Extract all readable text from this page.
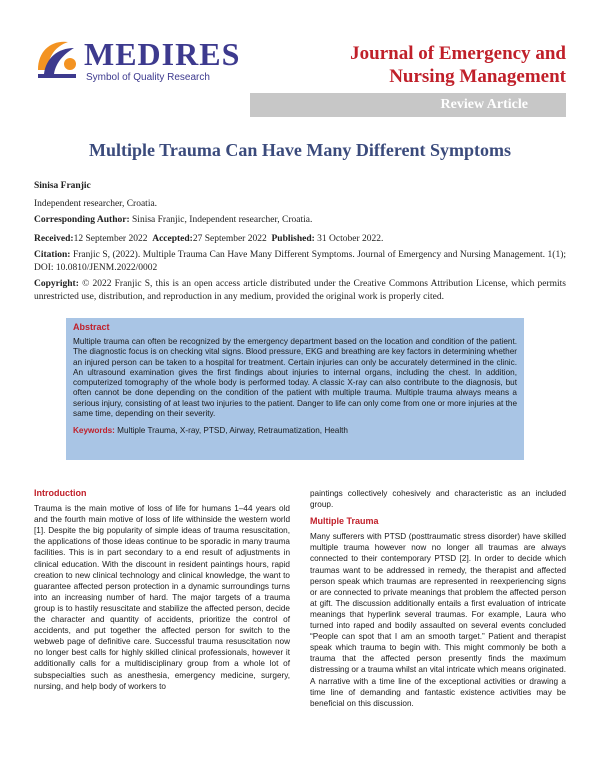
MEDIRES
Symbol of Quality Research
Journal of Emergency and Nursing Management
Review Article
Multiple Trauma Can Have Many Different Symptoms
Sinisa Franjic
Independent researcher, Croatia.
Corresponding Author: Sinisa Franjic, Independent researcher, Croatia.
Received:12 September 2022 Accepted:27 September 2022 Published: 31 October 2022.
Citation: Franjic S, (2022). Multiple Trauma Can Have Many Different Symptoms. Journal of Emergency and Nursing Management. 1(1); DOI: 10.0810/JENM.2022/0002
Copyright: © 2022 Franjic S, this is an open access article distributed under the Creative Commons Attribution License, which permits unrestricted use, distribution, and reproduction in any medium, provided the original work is properly cited.
Abstract
Multiple trauma can often be recognized by the emergency department based on the location and condition of the patient. The diagnostic focus is on checking vital signs. Blood pressure, EKG and breathing are key factors in determining whether an injured person can be taken to a hospital for treatment. Certain injuries can only be accurately determined in the clinic. An ultrasound examination gives the first findings about injuries to internal organs, including the chest. In addition, computerized tomography of the whole body is performed today. A classic X-ray can also contribute to the diagnosis, but often cannot be done depending on the condition of the patient with multiple trauma. Multiple trauma always means a serious injury, consisting of at least two injuries to the patient. Danger to life can only come from one or more injuries at the same time, depending on their severity.
Keywords: Multiple Trauma, X-ray, PTSD, Airway, Retraumatization, Health
Introduction

Trauma is the main motive of loss of life for humans 1–44 years old and the fourth main motive of loss of life withinside the western world [1]. Despite the big popularity of simple ideas of trauma resuscitation, the applications of those ideas continue to be sporadic in many trauma facilities. This is in part secondary to a end result of adjustments in clinical education. With the discount in resident paintings hours, rapid creation to new clinical technology and clinical knowledge, the want to guarantee affected person protection in a dynamic surroundings turns into an increasing number of hard. The major targets of a trauma group is to hastily resuscitate and stabilize the affected person, decide the character and quantity of accidents, prioritize the control of accidents, and put together the affected person for switch to the webweb page of definitive care. Successful trauma resuscitation now no longer best calls for highly skilled clinical professionals, however it additionally calls for a multidisciplinary group from a whole lot of subspecialties such as anesthesia, emergency medicine, surgery, nursing, and help body of workers to

paintings collectively cohesively and characteristic as an included group.

Multiple Trauma

Many sufferers with PTSD (posttraumatic stress disorder) have skilled multiple trauma however now no longer all traumas are always connected to their contemporary PTSD [2]. In order to decide which traumas want to be addressed in remedy, the therapist and affected person speak which traumas are represented in reexperiencing signs or are connected to private meanings that problem the affected person at gift. The discussion additionally entails a first evaluation of intricate meanings that hyperlink several traumas. For example, Laura who turned into raped and bodily assaulted on several events concluded “People can spot that I am an smooth target.” Patient and therapist speak which trauma to begin with. This might commonly be both a trauma that the affected person presently finds the maximum distressing or a trauma whilst an vital intricate which means originated. A narrative with a time line of the exceptional activities or drawing a time line of demanding and fantastic existence activities may be beneficial on this discussion.
